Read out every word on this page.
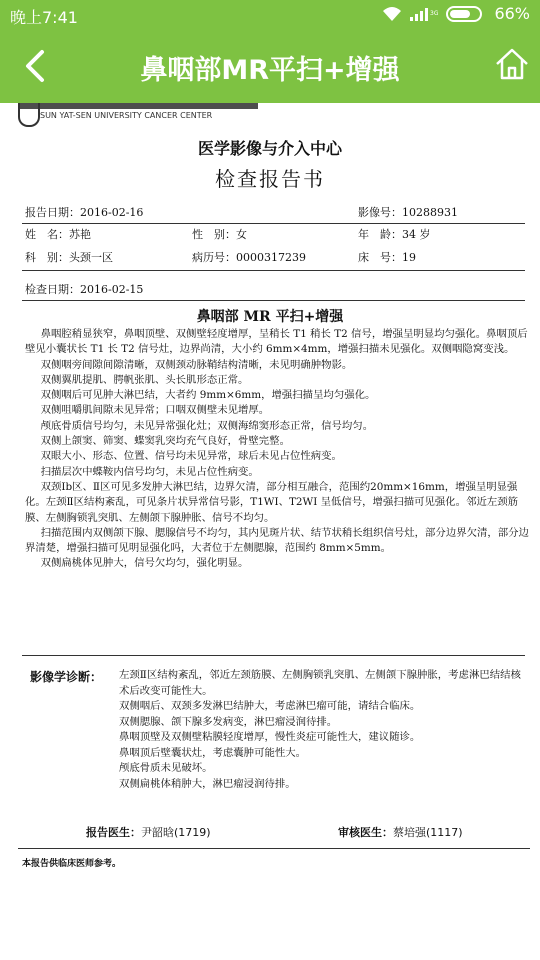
晚上7:41	3G	66%
鼻咽部MR平扫+增强
SUN YAT-SEN UNIVERSITY CANCER CENTER
医学影像与介入中心
检查报告书
报告日期：2016-02-16	影像号：10288931
姓　名：苏艳	性　别：女	年　龄：34 岁
科　别：头颈一区	病历号：0000317239	床　号：19
检查日期：2016-02-15
鼻咽部 MR 平扫+增强

鼻咽腔稍显狭窄，鼻咽顶壁、双侧壁轻度增厚，呈稍长 T1 稍长 T2 信号，增强呈明显均匀强化。鼻咽顶后壁见小囊状长 T1 长 T2 信号灶，边界尚清，大小约 6mm×4mm，增强扫描未见强化。双侧咽隐窝变浅。

双侧咽旁间隙间隙清晰，双侧颈动脉鞘结构清晰，未见明确肿物影。

双侧翼肌提肌、腭帆张肌、头长肌形态正常。

双侧咽后可见肿大淋巴结，大者约 9mm×6mm，增强扫描呈均匀强化。

双侧咀嚼肌间隙未见异常；口咽双侧壁未见增厚。

颅底骨质信号均匀，未见异常强化灶；双侧海绵窦形态正常，信号均匀。

双侧上颌窦、筛窦、蝶窦乳突均充气良好，骨壁完整。

双眼大小、形态、位置、信号均未见异常，球后未见占位性病变。

扫描层次中蝶鞍内信号均匀，未见占位性病变。

双颈Ⅰb区、Ⅱ区可见多发肿大淋巴结，边界欠清，部分相互融合，范围约20mm×16mm，增强呈明显强化。左颈Ⅱ区结构紊乱，可见条片状异常信号影，T1WI、T2WI 呈低信号，增强扫描可见强化。邻近左颈筋膜、左侧胸锁乳突肌、左侧颌下腺肿胀、信号不均匀。

扫描范围内双侧颌下腺、腮腺信号不均匀，其内见斑片状、结节状稍长组织信号灶，部分边界欠清，部分边界清楚，增强扫描可见明显强化吗，大者位于左侧腮腺，范围约 8mm×5mm。

双侧扁桃体见肿大，信号欠均匀，强化明显。

影像学诊断： 左颈Ⅱ区结构紊乱，邻近左颈筋膜、左侧胸锁乳突肌、左侧颌下腺肿胀，考虑淋巴结结核术后改变可能性大。

双侧咽后、双颈多发淋巴结肿大，考虑淋巴瘤可能，请结合临床。

双侧腮腺、颌下腺多发病变，淋巴瘤浸润待排。

鼻咽顶壁及双侧壁粘膜轻度增厚，慢性炎症可能性大，建议随诊。

鼻咽顶后壁囊状灶，考虑囊肿可能性大。

颅底骨质未见破坏。

双侧扁桃体稍肿大，淋巴瘤浸润待排。

报告医生：尹韶晗(1719)	审核医生：蔡培强(1117)
本报告供临床医师参考。
